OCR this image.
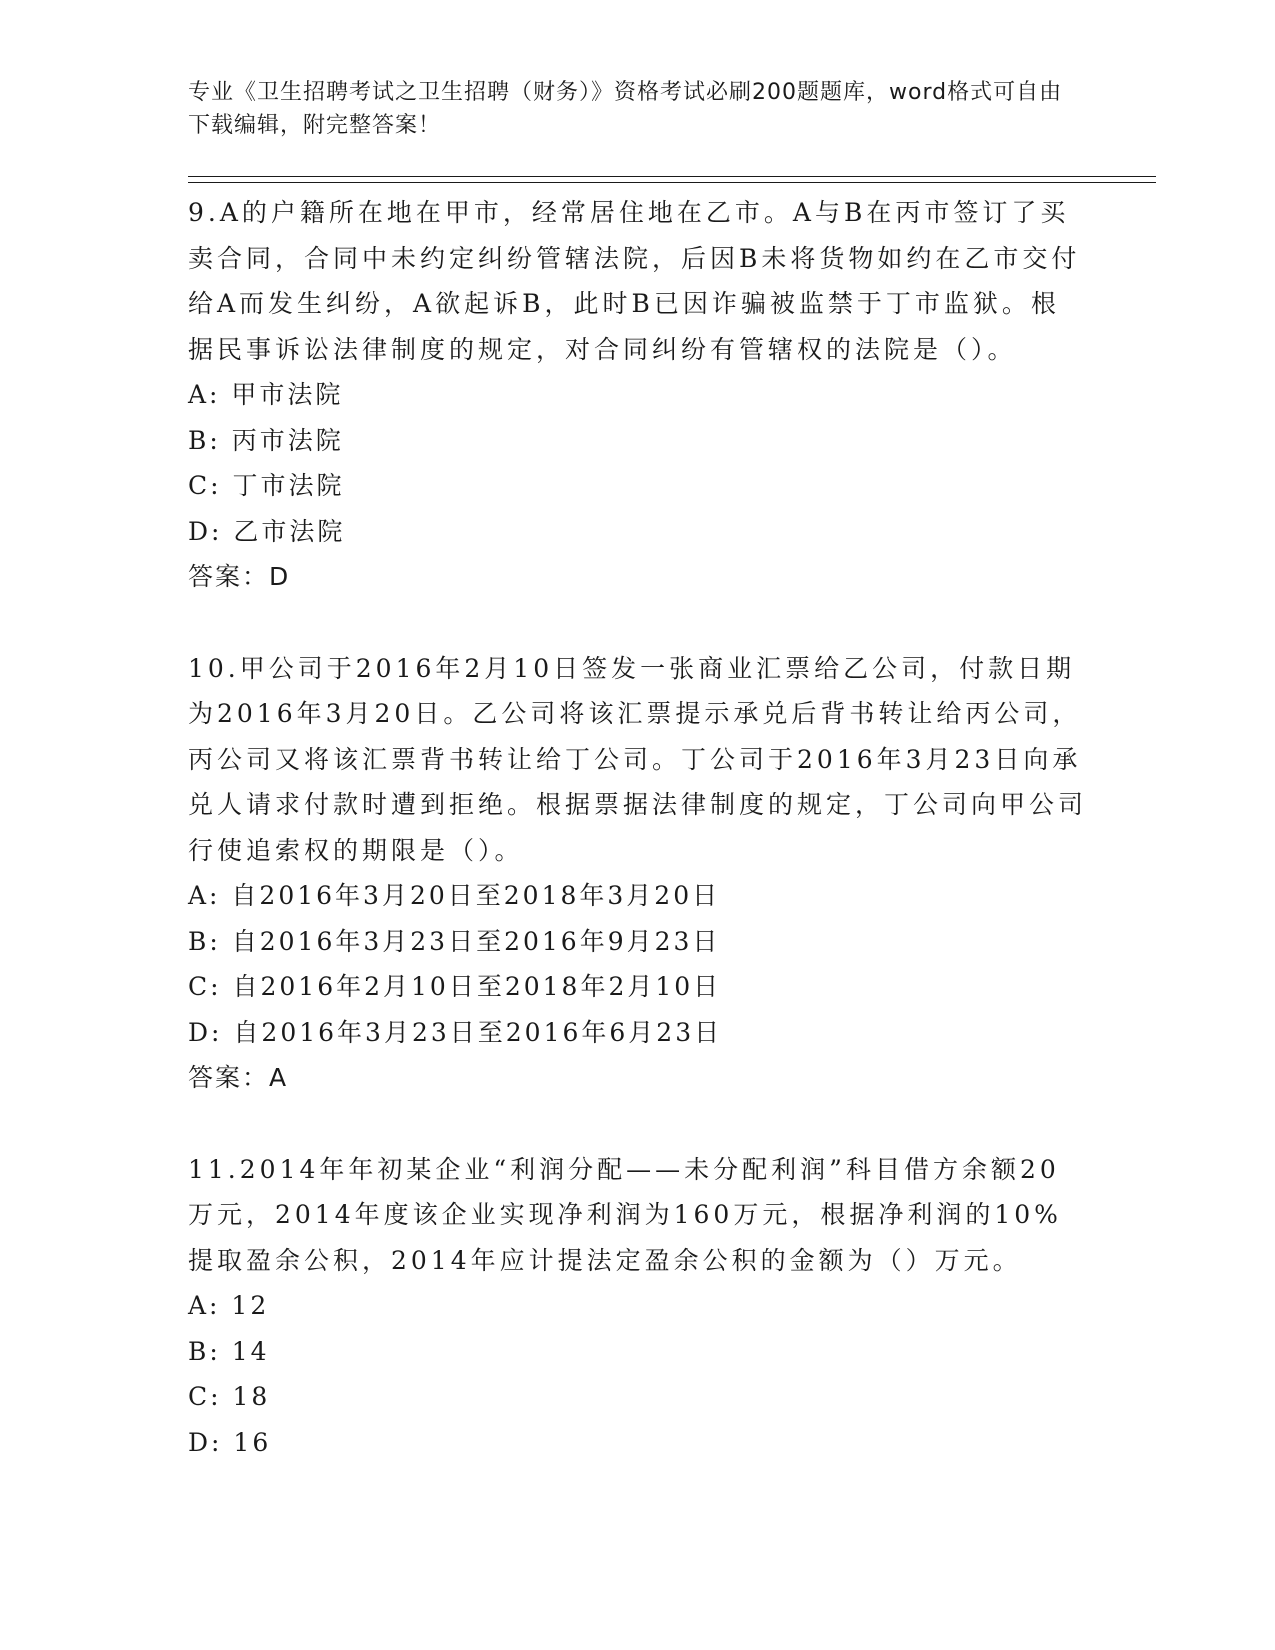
专业《卫生招聘考试之卫生招聘（财务）》资格考试必刷200题题库，word格式可自由下载编辑，附完整答案！

9.A的户籍所在地在甲市，经常居住地在乙市。A与B在丙市签订了买卖合同，合同中未约定纠纷管辖法院，后因B未将货物如约在乙市交付给A而发生纠纷，A欲起诉B，此时B已因诈骗被监禁于丁市监狱。根据民事诉讼法律制度的规定，对合同纠纷有管辖权的法院是（）。

A: 甲市法院
B: 丙市法院
C: 丁市法院
D: 乙市法院

答案：D

10.甲公司于2016年2月10日签发一张商业汇票给乙公司，付款日期为2016年3月20日。乙公司将该汇票提示承兑后背书转让给丙公司，丙公司又将该汇票背书转让给丁公司。丁公司于2016年3月23日向承兑人请求付款时遭到拒绝。根据票据法律制度的规定，丁公司向甲公司行使追索权的期限是（）。

A: 自2016年3月20日至2018年3月20日
B: 自2016年3月23日至2016年9月23日
C: 自2016年2月10日至2018年2月10日
D: 自2016年3月23日至2016年6月23日

答案：A

11.2014年年初某企业“利润分配——未分配利润”科目借方余额20万元，2014年度该企业实现净利润为160万元，根据净利润的10%提取盈余公积，2014年应计提法定盈余公积的金额为（）万元。

A: 12
B: 14
C: 18
D: 16
